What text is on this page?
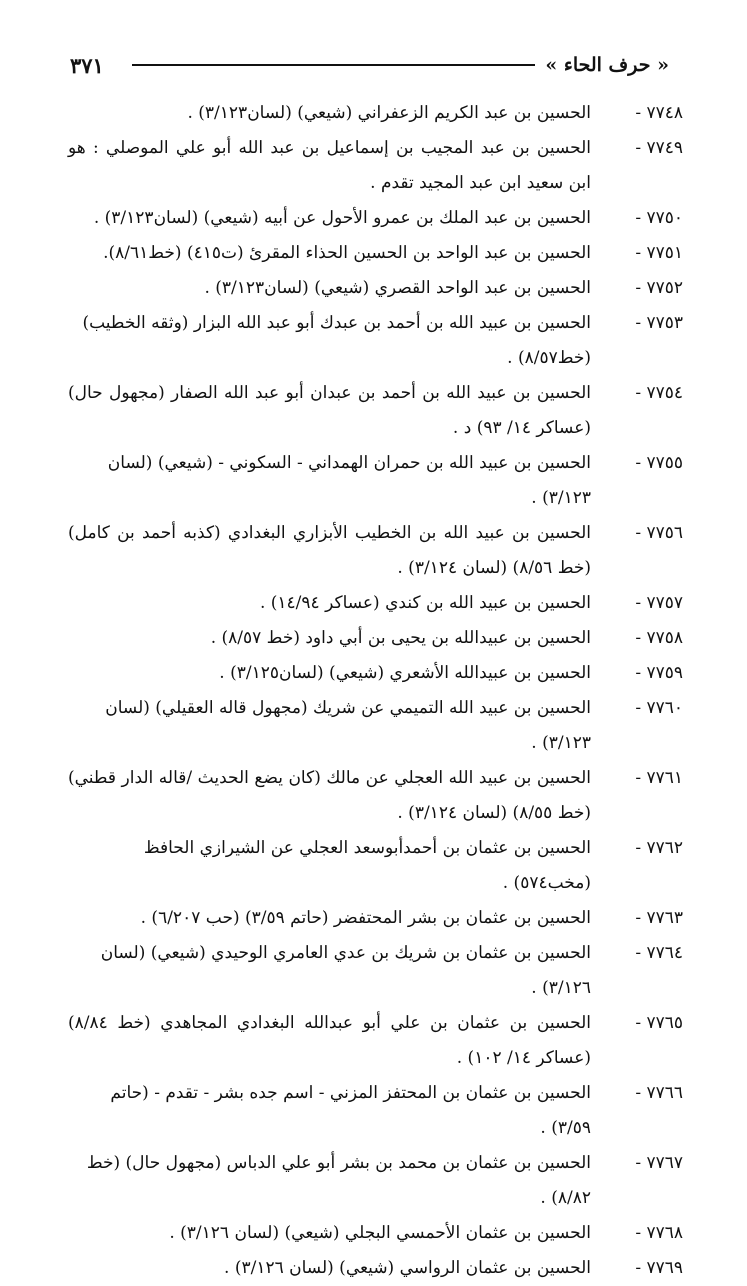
٣٧١	« حرف الحاء »
٧٧٤٨ -
الحسين بن عبد الكريم الزعفراني (شيعي) (لسان٣/١٢٣) .
٧٧٤٩ -
الحسين بن عبد المجيب بن إسماعيل بن عبد الله أبو علي الموصلي : هو ابن سعيد ابن عبد المجيد تقدم .
٧٧٥٠ -
الحسين بن عبد الملك بن عمرو الأحول عن أبيه (شيعي) (لسان٣/١٢٣) .
٧٧٥١ -
الحسين بن عبد الواحد بن الحسين الحذاء المقرئ (ت٤١٥) (خط٨/٦١).
٧٧٥٢ -
الحسين بن عبد الواحد القصري (شيعي) (لسان٣/١٢٣) .
٧٧٥٣ -
الحسين بن عبيد الله بن أحمد بن عبدك أبو عبد الله البزار (وثقه الخطيب) (خط٨/٥٧) .
٧٧٥٤ -
الحسين بن عبيد الله بن أحمد بن عبدان أبو عبد الله الصفار (مجهول حال) (عساكر ١٤/ ٩٣) د .
٧٧٥٥ -
الحسين بن عبيد الله بن حمران الهمداني - السكوني - (شيعي) (لسان ٣/١٢٣) .
٧٧٥٦ -
الحسين بن عبيد الله بن الخطيب الأبزاري البغدادي (كذبه أحمد بن كامل) (خط ٨/٥٦) (لسان ٣/١٢٤) .
٧٧٥٧ -
الحسين بن عبيد الله بن كندي (عساكر ١٤/٩٤) .
٧٧٥٨ -
الحسين بن عبيدالله بن يحيى بن أبي داود (خط ٨/٥٧) .
٧٧٥٩ -
الحسين بن عبيدالله الأشعري (شيعي) (لسان٣/١٢٥) .
٧٧٦٠ -
الحسين بن عبيد الله التميمي عن شريك (مجهول قاله العقيلي) (لسان ٣/١٢٣) .
٧٧٦١ -
الحسين بن عبيد الله العجلي عن مالك (كان يضع الحديث /قاله الدار قطني) (خط ٨/٥٥) (لسان ٣/١٢٤) .
٧٧٦٢ -
الحسين بن عثمان بن أحمدأبوسعد العجلي عن الشيرازي الحافظ (مخب٥٧٤) .
٧٧٦٣ -
الحسين بن عثمان بن بشر المحتفضر (حاتم ٣/٥٩) (حب ٦/٢٠٧) .
٧٧٦٤ -
الحسين بن عثمان بن شريك بن عدي العامري الوحيدي (شيعي) (لسان ٣/١٢٦) .
٧٧٦٥ -
الحسين بن عثمان بن علي أبو عبدالله البغدادي المجاهدي (خط ٨/٨٤) (عساكر ١٤/ ١٠٢) .
٧٧٦٦ -
الحسين بن عثمان بن المحتفز المزني - اسم جده بشر - تقدم - (حاتم ٣/٥٩) .
٧٧٦٧ -
الحسين بن عثمان بن محمد بن بشر أبو علي الدباس (مجهول حال) (خط ٨/٨٢) .
٧٧٦٨ -
الحسين بن عثمان الأحمسي البجلي (شيعي) (لسان ٣/١٢٦) .
٧٧٦٩ -
الحسين بن عثمان الرواسي (شيعي) (لسان ٣/١٢٦) .
